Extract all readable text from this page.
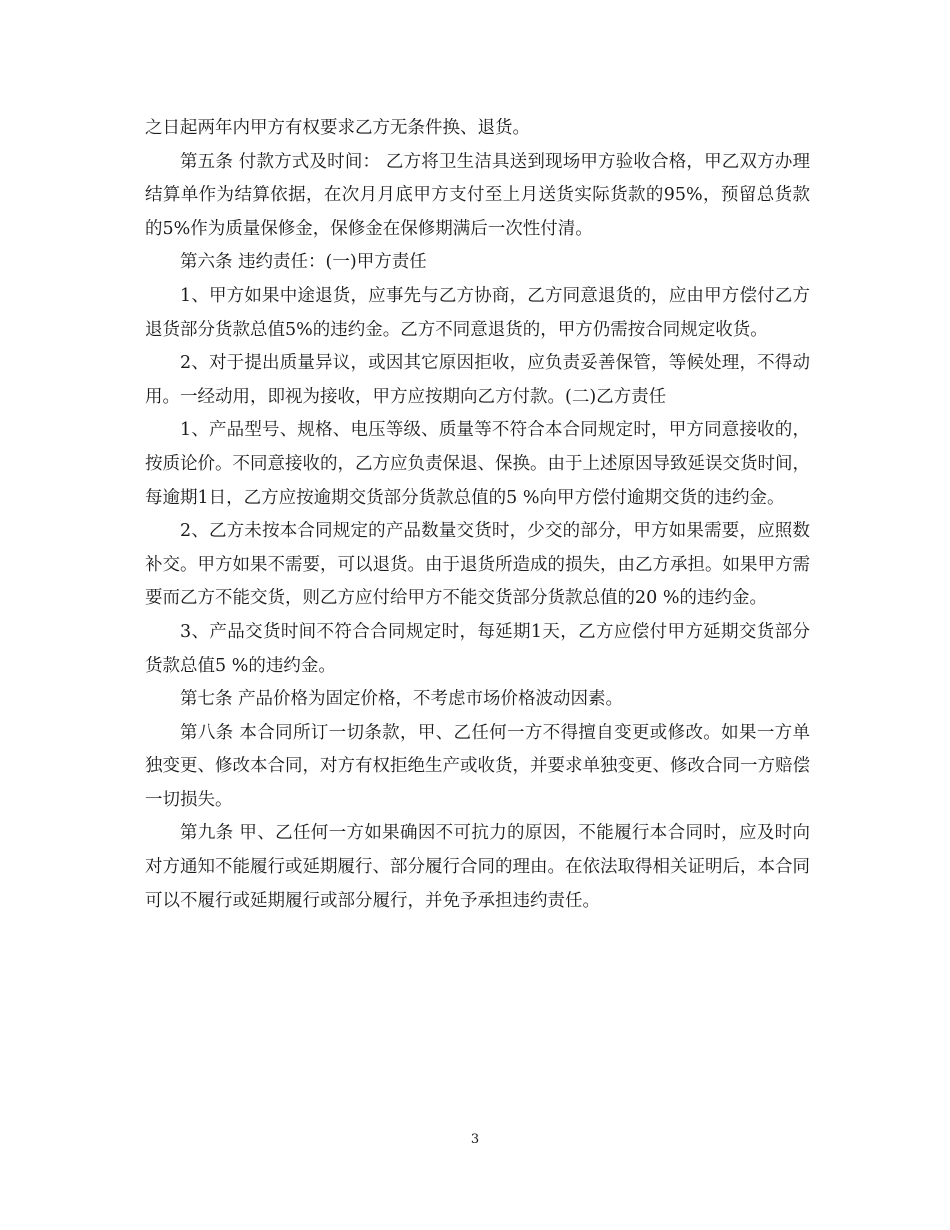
之日起两年内甲方有权要求乙方无条件换、退货。

第五条 付款方式及时间： 乙方将卫生洁具送到现场甲方验收合格，甲乙双方办理结算单作为结算依据，在次月月底甲方支付至上月送货实际货款的95%，预留总货款的5%作为质量保修金，保修金在保修期满后一次性付清。

第六条 违约责任：(一)甲方责任

1、甲方如果中途退货，应事先与乙方协商，乙方同意退货的，应由甲方偿付乙方退货部分货款总值5%的违约金。乙方不同意退货的，甲方仍需按合同规定收货。

2、对于提出质量异议，或因其它原因拒收，应负责妥善保管，等候处理，不得动用。一经动用，即视为接收，甲方应按期向乙方付款。(二)乙方责任

1、产品型号、规格、电压等级、质量等不符合本合同规定时，甲方同意接收的，按质论价。不同意接收的，乙方应负责保退、保换。由于上述原因导致延误交货时间，每逾期1日，乙方应按逾期交货部分货款总值的5 %向甲方偿付逾期交货的违约金。

2、乙方未按本合同规定的产品数量交货时，少交的部分，甲方如果需要，应照数补交。甲方如果不需要，可以退货。由于退货所造成的损失，由乙方承担。如果甲方需要而乙方不能交货，则乙方应付给甲方不能交货部分货款总值的20 %的违约金。

3、产品交货时间不符合合同规定时，每延期1天，乙方应偿付甲方延期交货部分货款总值5 %的违约金。

第七条 产品价格为固定价格，不考虑市场价格波动因素。

第八条 本合同所订一切条款，甲、乙任何一方不得擅自变更或修改。如果一方单独变更、修改本合同，对方有权拒绝生产或收货，并要求单独变更、修改合同一方赔偿一切损失。

第九条 甲、乙任何一方如果确因不可抗力的原因，不能履行本合同时，应及时向对方通知不能履行或延期履行、部分履行合同的理由。在依法取得相关证明后，本合同可以不履行或延期履行或部分履行，并免予承担违约责任。

3
